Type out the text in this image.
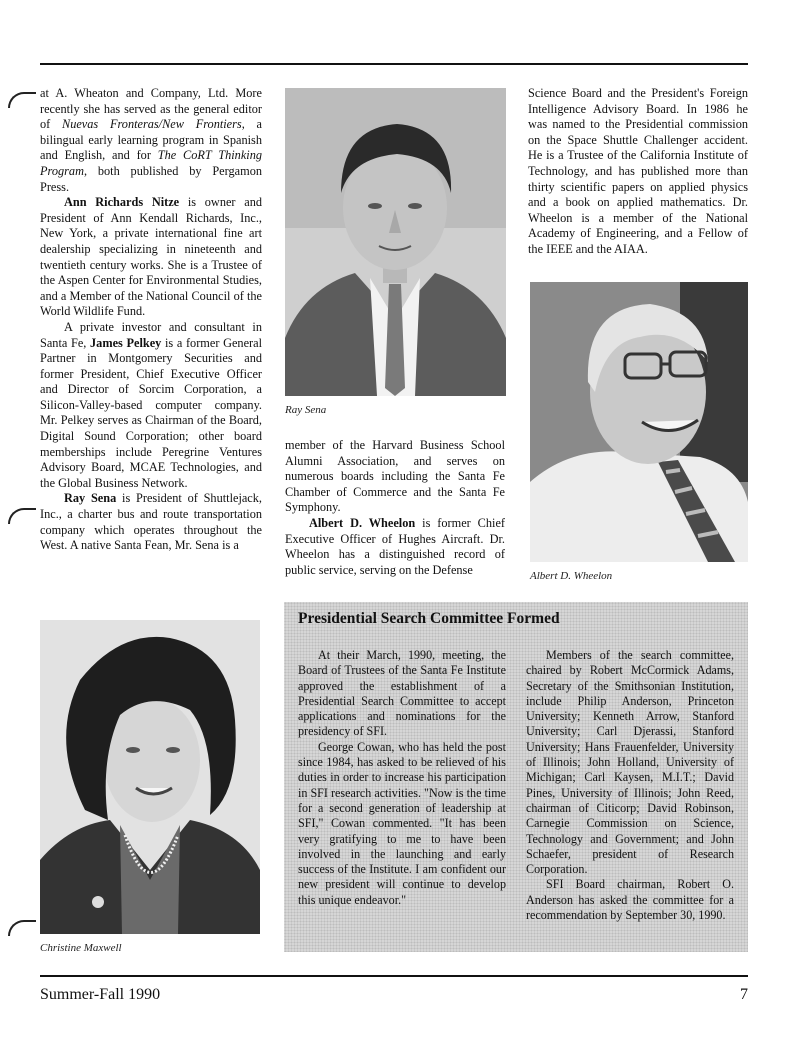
at A. Wheaton and Company, Ltd. More recently she has served as the general editor of Nuevas Fronteras/New Frontiers, a bilingual early learning program in Spanish and English, and for The CoRT Thinking Program, both published by Pergamon Press.

Ann Richards Nitze is owner and President of Ann Kendall Richards, Inc., New York, a private international fine art dealership specializing in nineteenth and twentieth century works. She is a Trustee of the Aspen Center for Environmental Studies, and a Member of the National Council of the World Wildlife Fund.

A private investor and consultant in Santa Fe, James Pelkey is a former General Partner in Montgomery Securities and former President, Chief Executive Officer and Director of Sorcim Corporation, a Silicon-Valley-based computer company. Mr. Pelkey serves as Chairman of the Board, Digital Sound Corporation; other board memberships include Peregrine Ventures Advisory Board, MCAE Technologies, and the Global Business Network.

Ray Sena is President of Shuttlejack, Inc., a charter bus and route transportation company which operates throughout the West. A native Santa Fean, Mr. Sena is a

Ray Sena

member of the Harvard Business School Alumni Association, and serves on numerous boards including the Santa Fe Chamber of Commerce and the Santa Fe Symphony.

Albert D. Wheelon is former Chief Executive Officer of Hughes Aircraft. Dr. Wheelon has a distinguished record of public service, serving on the Defense

Science Board and the President's Foreign Intelligence Advisory Board. In 1986 he was named to the Presidential commission on the Space Shuttle Challenger accident. He is a Trustee of the California Institute of Technology, and has published more than thirty scientific papers on applied physics and a book on applied mathematics. Dr. Wheelon is a member of the National Academy of Engineering, and a Fellow of the IEEE and the AIAA.

Albert D. Wheelon
Christine Maxwell
Presidential Search Committee Formed

At their March, 1990, meeting, the Board of Trustees of the Santa Fe Institute approved the establishment of a Presidential Search Committee to accept applications and nominations for the presidency of SFI.

George Cowan, who has held the post since 1984, has asked to be relieved of his duties in order to increase his participation in SFI research activities. "Now is the time for a second generation of leadership at SFI," Cowan commented. "It has been very gratifying to me to have been involved in the launching and early success of the Institute. I am confident our new president will continue to develop this unique endeavor."

Members of the search committee, chaired by Robert McCormick Adams, Secretary of the Smithsonian Institution, include Philip Anderson, Princeton University; Kenneth Arrow, Stanford University; Carl Djerassi, Stanford University; Hans Frauenfelder, University of Illinois; John Holland, University of Michigan; Carl Kaysen, M.I.T.; David Pines, University of Illinois; John Reed, chairman of Citicorp; David Robinson, Carnegie Commission on Science, Technology and Government; and John Schaefer, president of Research Corporation.

SFI Board chairman, Robert O. Anderson has asked the committee for a recommendation by September 30, 1990.

Summer-Fall 1990	7
